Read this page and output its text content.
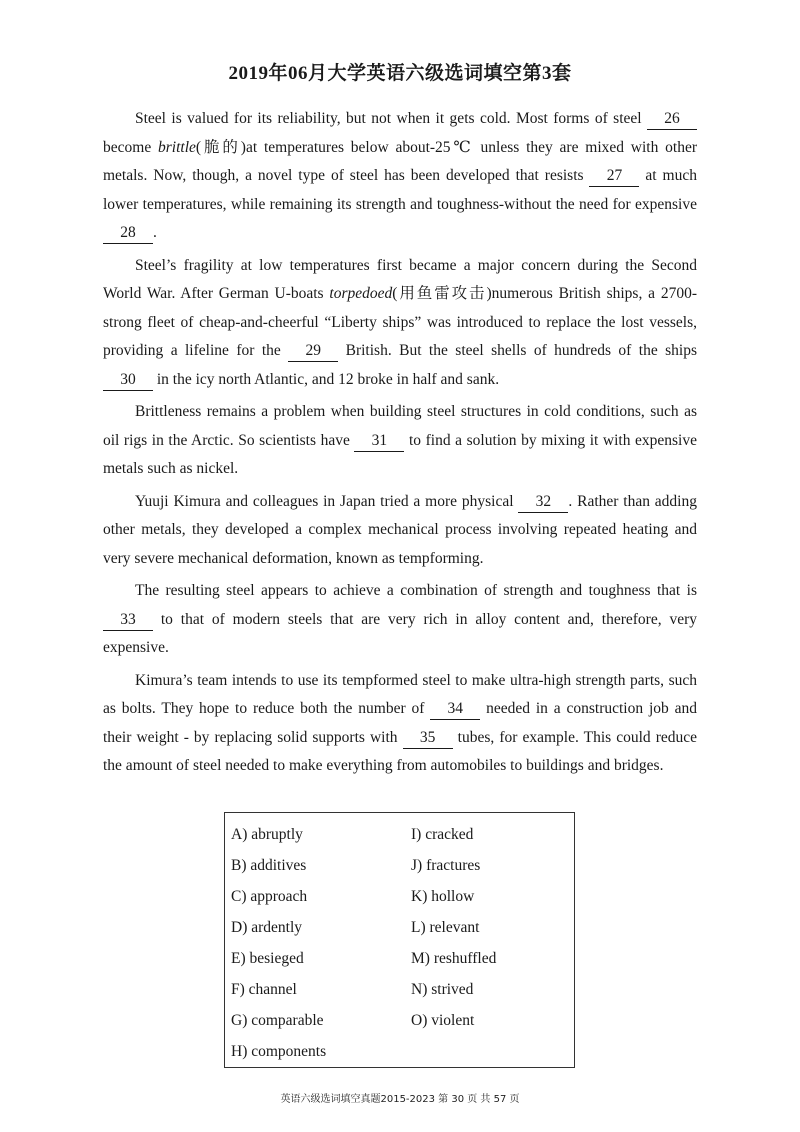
2019年06月大学英语六级选词填空第3套

Steel is valued for its reliability, but not when it gets cold. Most forms of steel 26 become brittle(脆的)at temperatures below about-25℃ unless they are mixed with other metals. Now, though, a novel type of steel has been developed that resists 27 at much lower temperatures, while remaining its strength and toughness-without the need for expensive 28 .

Steel’s fragility at low temperatures first became a major concern during the Second World War. After German U-boats torpedoed(用鱼雷攻击)numerous British ships, a 2700-strong fleet of cheap-and-cheerful “Liberty ships” was introduced to replace the lost vessels, providing a lifeline for the 29 British. But the steel shells of hundreds of the ships 30 in the icy north Atlantic, and 12 broke in half and sank.

Brittleness remains a problem when building steel structures in cold conditions, such as oil rigs in the Arctic. So scientists have 31 to find a solution by mixing it with expensive metals such as nickel.

Yuuji Kimura and colleagues in Japan tried a more physical 32 . Rather than adding other metals, they developed a complex mechanical process involving repeated heating and very severe mechanical deformation, known as tempforming.

The resulting steel appears to achieve a combination of strength and toughness that is 33 to that of modern steels that are very rich in alloy content and, therefore, very expensive.

Kimura’s team intends to use its tempformed steel to make ultra-high strength parts, such as bolts. They hope to reduce both the number of 34 needed in a construction job and their weight - by replacing solid supports with 35 tubes, for example. This could reduce the amount of steel needed to make everything from automobiles to buildings and bridges.

A) abruptly
B) additives
C) approach
D) ardently
E) besieged
F) channel
G) comparable
H) components
I) cracked
J) fractures
K) hollow
L) relevant
M) reshuffled
N) strived
O) violent
英语六级选词填空真题2015-2023 第 30 页 共 57 页
